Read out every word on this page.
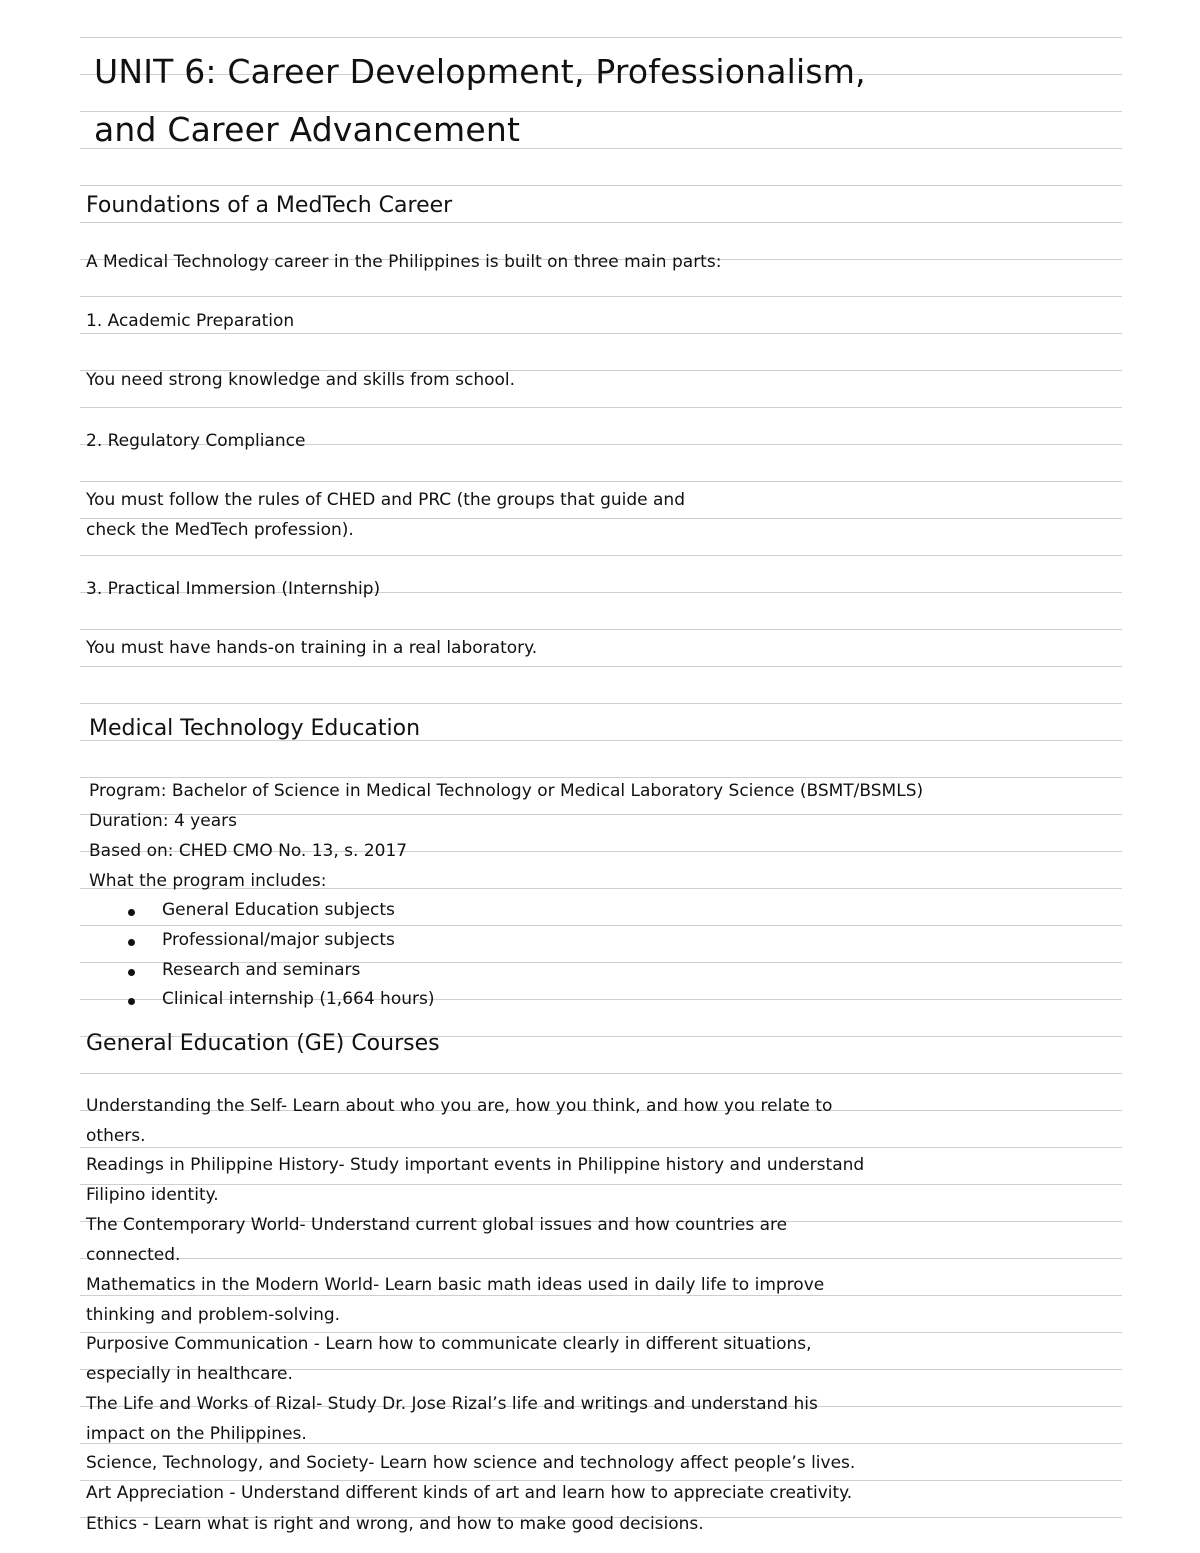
UNIT 6: Career Development, Professionalism,
and Career Advancement
Foundations of a MedTech Career
A Medical Technology career in the Philippines is built on three main parts:
1. Academic Preparation
You need strong knowledge and skills from school.
2. Regulatory Compliance
You must follow the rules of CHED and PRC (the groups that guide and
check the MedTech profession).
3. Practical Immersion (Internship)
You must have hands-on training in a real laboratory.
Medical Technology Education
Program: Bachelor of Science in Medical Technology or Medical Laboratory Science (BSMT/BSMLS)
Duration: 4 years
Based on: CHED CMO No. 13, s. 2017
What the program includes:
General Education subjects
Professional/major subjects
Research and seminars
Clinical internship (1,664 hours)
General Education (GE) Courses
Understanding the Self- Learn about who you are, how you think, and how you relate to
others.
Readings in Philippine History- Study important events in Philippine history and understand
Filipino identity.
The Contemporary World- Understand current global issues and how countries are
connected.
Mathematics in the Modern World- Learn basic math ideas used in daily life to improve
thinking and problem-solving.
Purposive Communication - Learn how to communicate clearly in different situations,
especially in healthcare.
The Life and Works of Rizal- Study Dr. Jose Rizal’s life and writings and understand his
impact on the Philippines.
Science, Technology, and Society- Learn how science and technology affect people’s lives.
Art Appreciation - Understand different kinds of art and learn how to appreciate creativity.
Ethics - Learn what is right and wrong, and how to make good decisions.
